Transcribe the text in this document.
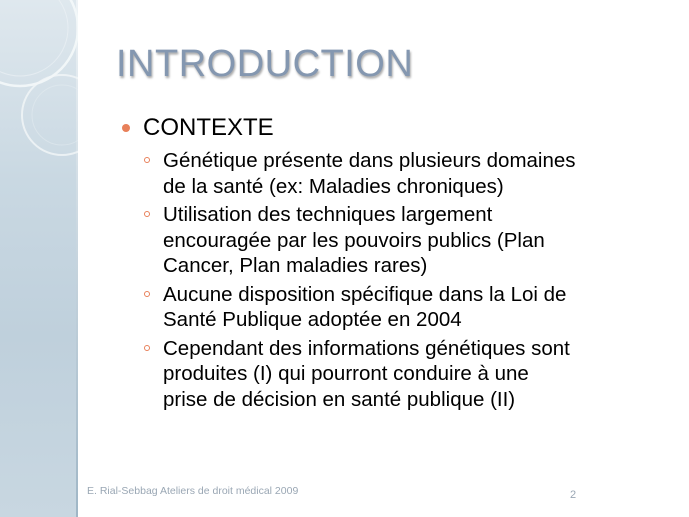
INTRODUCTION
CONTEXTE
Génétique présente dans plusieurs domaines
de la santé (ex: Maladies chroniques)
Utilisation des techniques largement
encouragée par les pouvoirs publics (Plan
Cancer, Plan maladies rares)
Aucune disposition spécifique dans la Loi de
Santé Publique adoptée en 2004
Cependant des informations génétiques sont
produites (I) qui pourront conduire à une
prise de décision en santé publique (II)
E. Rial-Sebbag Ateliers de droit médical 2009	2
